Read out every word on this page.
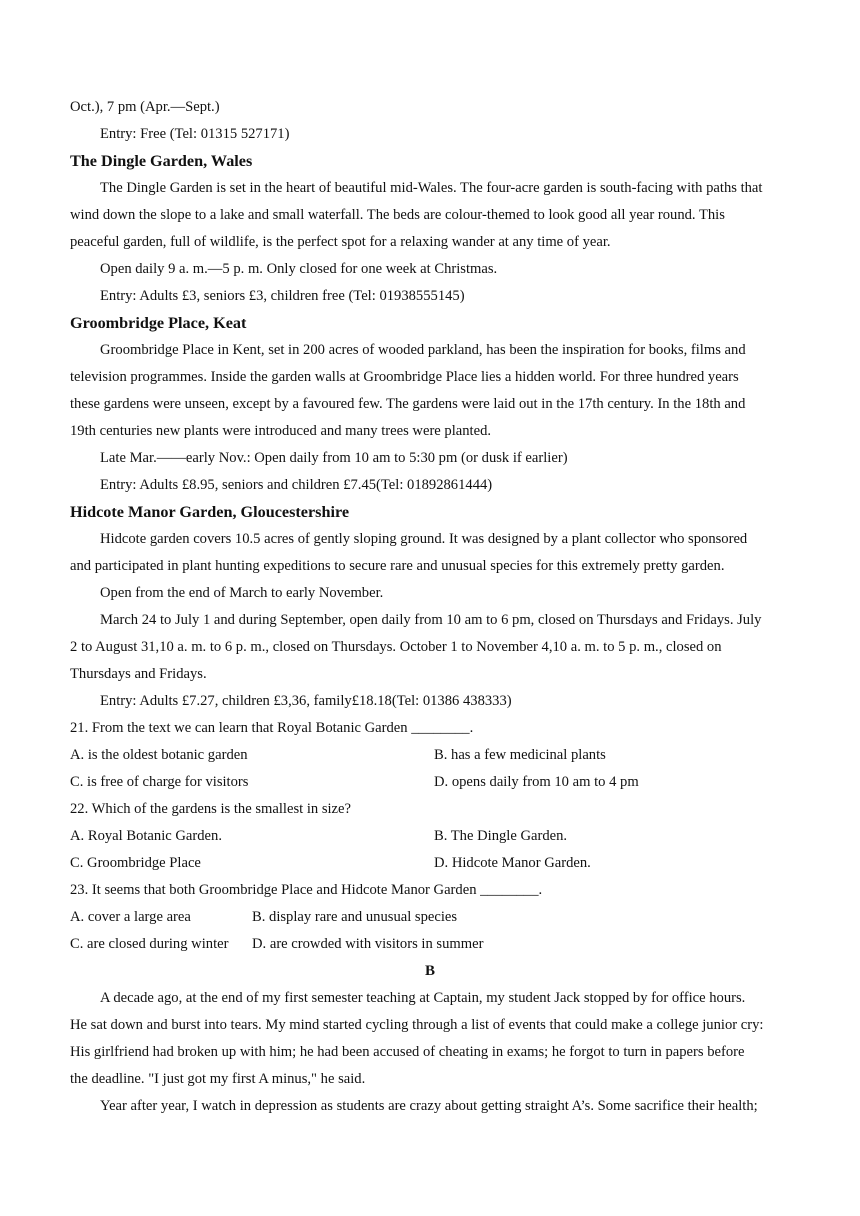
Oct.), 7 pm (Apr.—Sept.)
Entry: Free (Tel: 01315 527171)
The Dingle Garden, Wales
The Dingle Garden is set in the heart of beautiful mid-Wales. The four-acre garden is south-facing with paths that
wind down the slope to a lake and small waterfall. The beds are colour-themed to look good all year round. This
peaceful garden, full of wildlife, is the perfect spot for a relaxing wander at any time of year.
Open daily 9 a. m.—5 p. m. Only closed for one week at Christmas.
Entry: Adults £3, seniors £3, children free (Tel: 01938555145)
Groombridge Place, Keat
Groombridge Place in Kent, set in 200 acres of wooded parkland, has been the inspiration for books, films and
television programmes. Inside the garden walls at Groombridge Place lies a hidden world. For three hundred years
these gardens were unseen, except by a favoured few. The gardens were laid out in the 17th century. In the 18th and
19th centuries new plants were introduced and many trees were planted.
Late Mar.——early Nov.: Open daily from 10 am to 5:30 pm (or dusk if earlier)
Entry: Adults £8.95, seniors and children £7.45(Tel: 01892861444)
Hidcote Manor Garden, Gloucestershire
Hidcote garden covers 10.5 acres of gently sloping ground. It was designed by a plant collector who sponsored
and participated in plant hunting expeditions to secure rare and unusual species for this extremely pretty garden.
Open from the end of March to early November.
March 24 to July 1 and during September, open daily from 10 am to 6 pm, closed on Thursdays and Fridays. July
2 to August 31,10 a. m. to 6 p. m., closed on Thursdays. October 1 to November 4,10 a. m. to 5 p. m., closed on
Thursdays and Fridays.
Entry: Adults £7.27, children £3,36, family£18.18(Tel: 01386 438333)
21. From the text we can learn that Royal Botanic Garden ________.
A. is the oldest botanic garden	B. has a few medicinal plants
C. is free of charge for visitors	D. opens daily from 10 am to 4 pm
22. Which of the gardens is the smallest in size?
A. Royal Botanic Garden.	B. The Dingle Garden.
C. Groombridge Place	D. Hidcote Manor Garden.
23. It seems that both Groombridge Place and Hidcote Manor Garden ________.
A. cover a large area	B. display rare and unusual species
C. are closed during winter	D. are crowded with visitors in summer
B
A decade ago, at the end of my first semester teaching at Captain, my student Jack stopped by for office hours.
He sat down and burst into tears. My mind started cycling through a list of events that could make a college junior cry:
His girlfriend had broken up with him; he had been accused of cheating in exams; he forgot to turn in papers before
the deadline. "I just got my first A minus," he said.
Year after year, I watch in depression as students are crazy about getting straight A’s. Some sacrifice their health;
